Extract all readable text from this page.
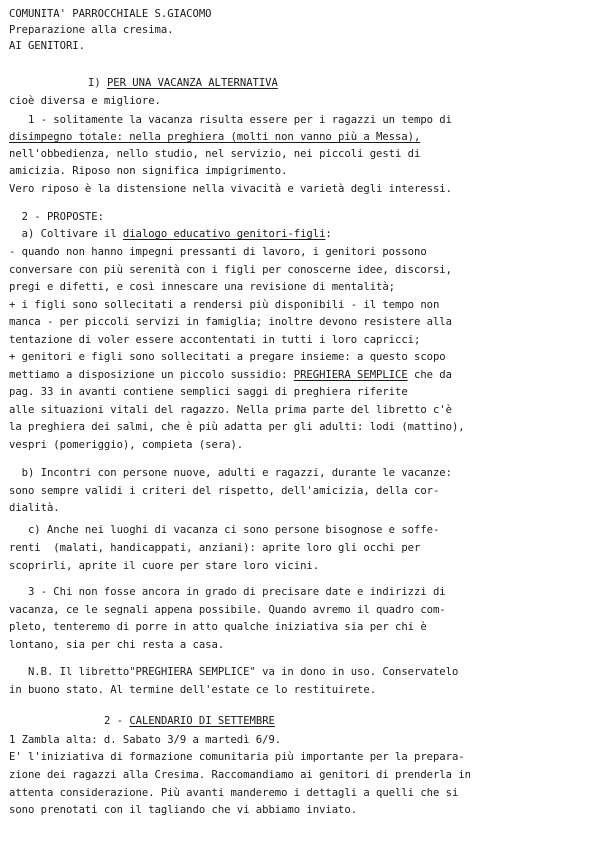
COMUNITA' PARROCCHIALE S.GIACOMO

Preparazione alla cresima.

AI GENITORI.

I) PER UNA VACANZA ALTERNATIVA

cioè diversa e migliore.

1 - solitamente la vacanza risulta essere per i ragazzi un tempo di

disimpegno totale: nella preghiera (molti non vanno più a Messa),

nell'obbedienza, nello studio, nel servizio, nei piccoli gesti di

amicizia. Riposo non significa impigrimento.

Vero riposo è la distensione nella vivacità e varietà degli interessi.

2 - PROPOSTE:

a) Coltivare il dialogo educativo genitori-figli:

- quando non hanno impegni pressanti di lavoro, i genitori possono

conversare con più serenità con i figli per conoscerne idee, discorsi,

pregi e difetti, e così innescare una revisione di mentalità;

+ i figli sono sollecitati a rendersi più disponibili - il tempo non

manca - per piccoli servizi in famiglia; inoltre devono resistere alla

tentazione di voler essere accontentati in tutti i loro capricci;

+ genitori e figli sono sollecitati a pregare insieme: a questo scopo

mettiamo a disposizione un piccolo sussidio: PREGHIERA SEMPLICE che da

pag. 33 in avanti contiene semplici saggi di preghiera riferite

alle situazioni vitali del ragazzo. Nella prima parte del libretto c'è

la preghiera dei salmi, che è più adatta per gli adulti: lodi (mattino),

vespri (pomeriggio), compieta (sera).

b) Incontri con persone nuove, adulti e ragazzi, durante le vacanze:

sono sempre validi i criteri del rispetto, dell'amicizia, della cor-

dialità.

c) Anche nei luoghi di vacanza ci sono persone bisognose e soffe-

renti  (malati, handicappati, anziani): aprite loro gli occhi per

scoprirli, aprite il cuore per stare loro vicini.

3 - Chi non fosse ancora in grado di precisare date e indirizzi di

vacanza, ce le segnali appena possibile. Quando avremo il quadro com-

pleto, tenteremo di porre in atto qualche iniziativa sia per chi è

lontano, sia per chi resta a casa.

N.B. Il libretto"PREGHIERA SEMPLICE" va in dono in uso. Conservatelo

in buono stato. Al termine dell'estate ce lo restituirete.

2 - CALENDARIO DI SETTEMBRE

1 Zambla alta: d. Sabato 3/9 a martedì 6/9.

E' l'iniziativa di formazione comunitaria più importante per la prepara-

zione dei ragazzi alla Cresima. Raccomandiamo ai genitori di prenderla in

attenta considerazione. Più avanti manderemo i dettagli a quelli che si

sono prenotati con il tagliando che vi abbiamo inviato.
